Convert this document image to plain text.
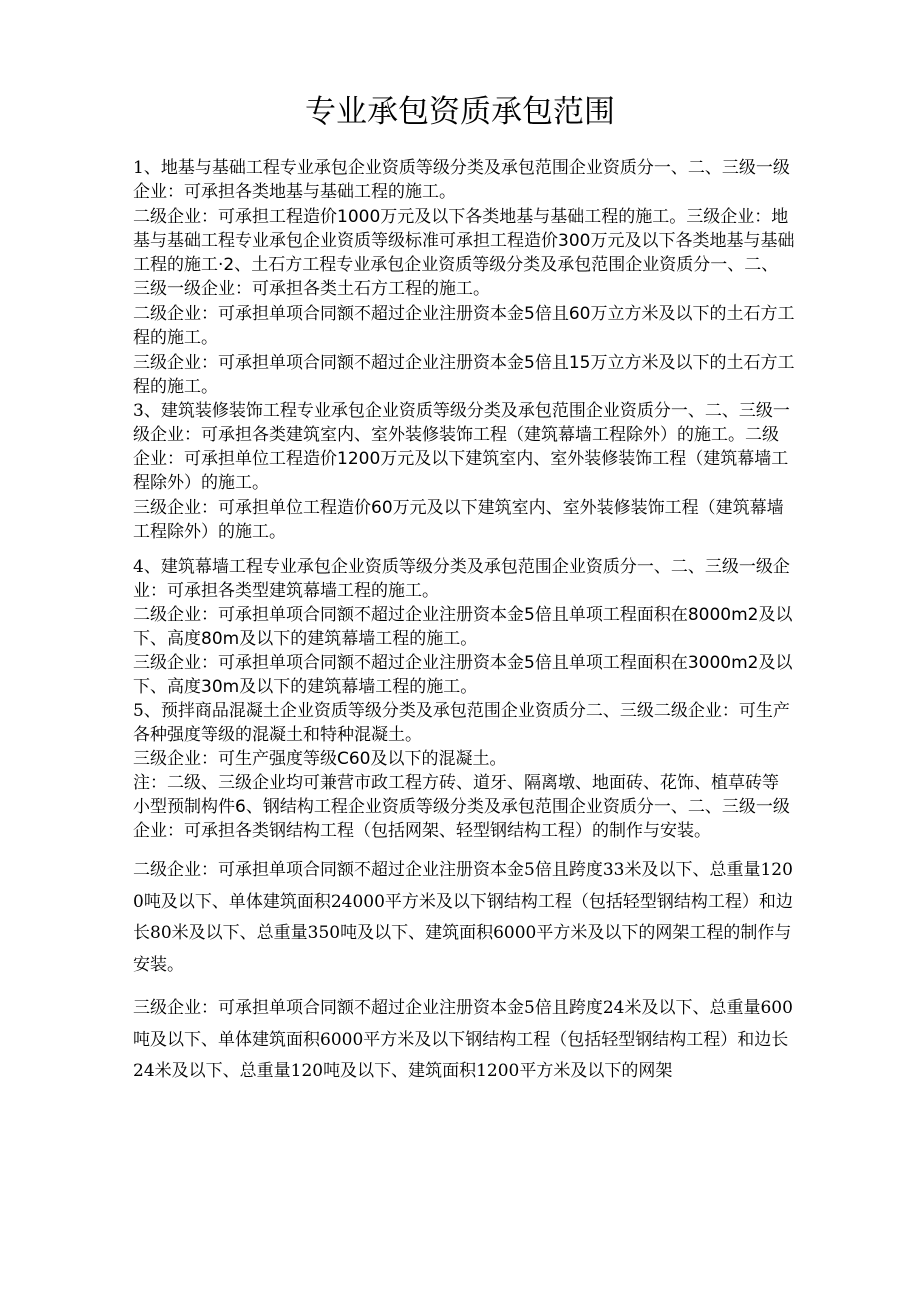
专业承包资质承包范围

1、地基与基础工程专业承包企业资质等级分类及承包范围企业资质分一、二、三级一级企业：可承担各类地基与基础工程的施工。

二级企业：可承担工程造价1000万元及以下各类地基与基础工程的施工。三级企业：地基与基础工程专业承包企业资质等级标准可承担工程造价300万元及以下各类地基与基础工程的施工·2、土石方工程专业承包企业资质等级分类及承包范围企业资质分一、二、三级一级企业：可承担各类土石方工程的施工。

二级企业：可承担单项合同额不超过企业注册资本金5倍且60万立方米及以下的土石方工程的施工。

三级企业：可承担单项合同额不超过企业注册资本金5倍且15万立方米及以下的土石方工程的施工。

3、建筑装修装饰工程专业承包企业资质等级分类及承包范围企业资质分一、二、三级一级企业：可承担各类建筑室内、室外装修装饰工程（建筑幕墙工程除外）的施工。二级企业：可承担单位工程造价1200万元及以下建筑室内、室外装修装饰工程（建筑幕墙工程除外）的施工。

三级企业：可承担单位工程造价60万元及以下建筑室内、室外装修装饰工程（建筑幕墙工程除外）的施工。

4、建筑幕墙工程专业承包企业资质等级分类及承包范围企业资质分一、二、三级一级企业：可承担各类型建筑幕墙工程的施工。

二级企业：可承担单项合同额不超过企业注册资本金5倍且单项工程面积在8000m2及以下、高度80m及以下的建筑幕墙工程的施工。

三级企业：可承担单项合同额不超过企业注册资本金5倍且单项工程面积在3000m2及以下、高度30m及以下的建筑幕墙工程的施工。

5、预拌商品混凝土企业资质等级分类及承包范围企业资质分二、三级二级企业：可生产各种强度等级的混凝土和特种混凝土。

三级企业：可生产强度等级C60及以下的混凝土。

注：二级、三级企业均可兼营市政工程方砖、道牙、隔离墩、地面砖、花饰、植草砖等小型预制构件6、钢结构工程企业资质等级分类及承包范围企业资质分一、二、三级一级企业：可承担各类钢结构工程（包括网架、轻型钢结构工程）的制作与安装。

二级企业：可承担单项合同额不超过企业注册资本金5倍且跨度33米及以下、总重量1200吨及以下、单体建筑面积24000平方米及以下钢结构工程（包括轻型钢结构工程）和边长80米及以下、总重量350吨及以下、建筑面积6000平方米及以下的网架工程的制作与安装。

三级企业：可承担单项合同额不超过企业注册资本金5倍且跨度24米及以下、总重量600吨及以下、单体建筑面积6000平方米及以下钢结构工程（包括轻型钢结构工程）和边长24米及以下、总重量120吨及以下、建筑面积1200平方米及以下的网架
